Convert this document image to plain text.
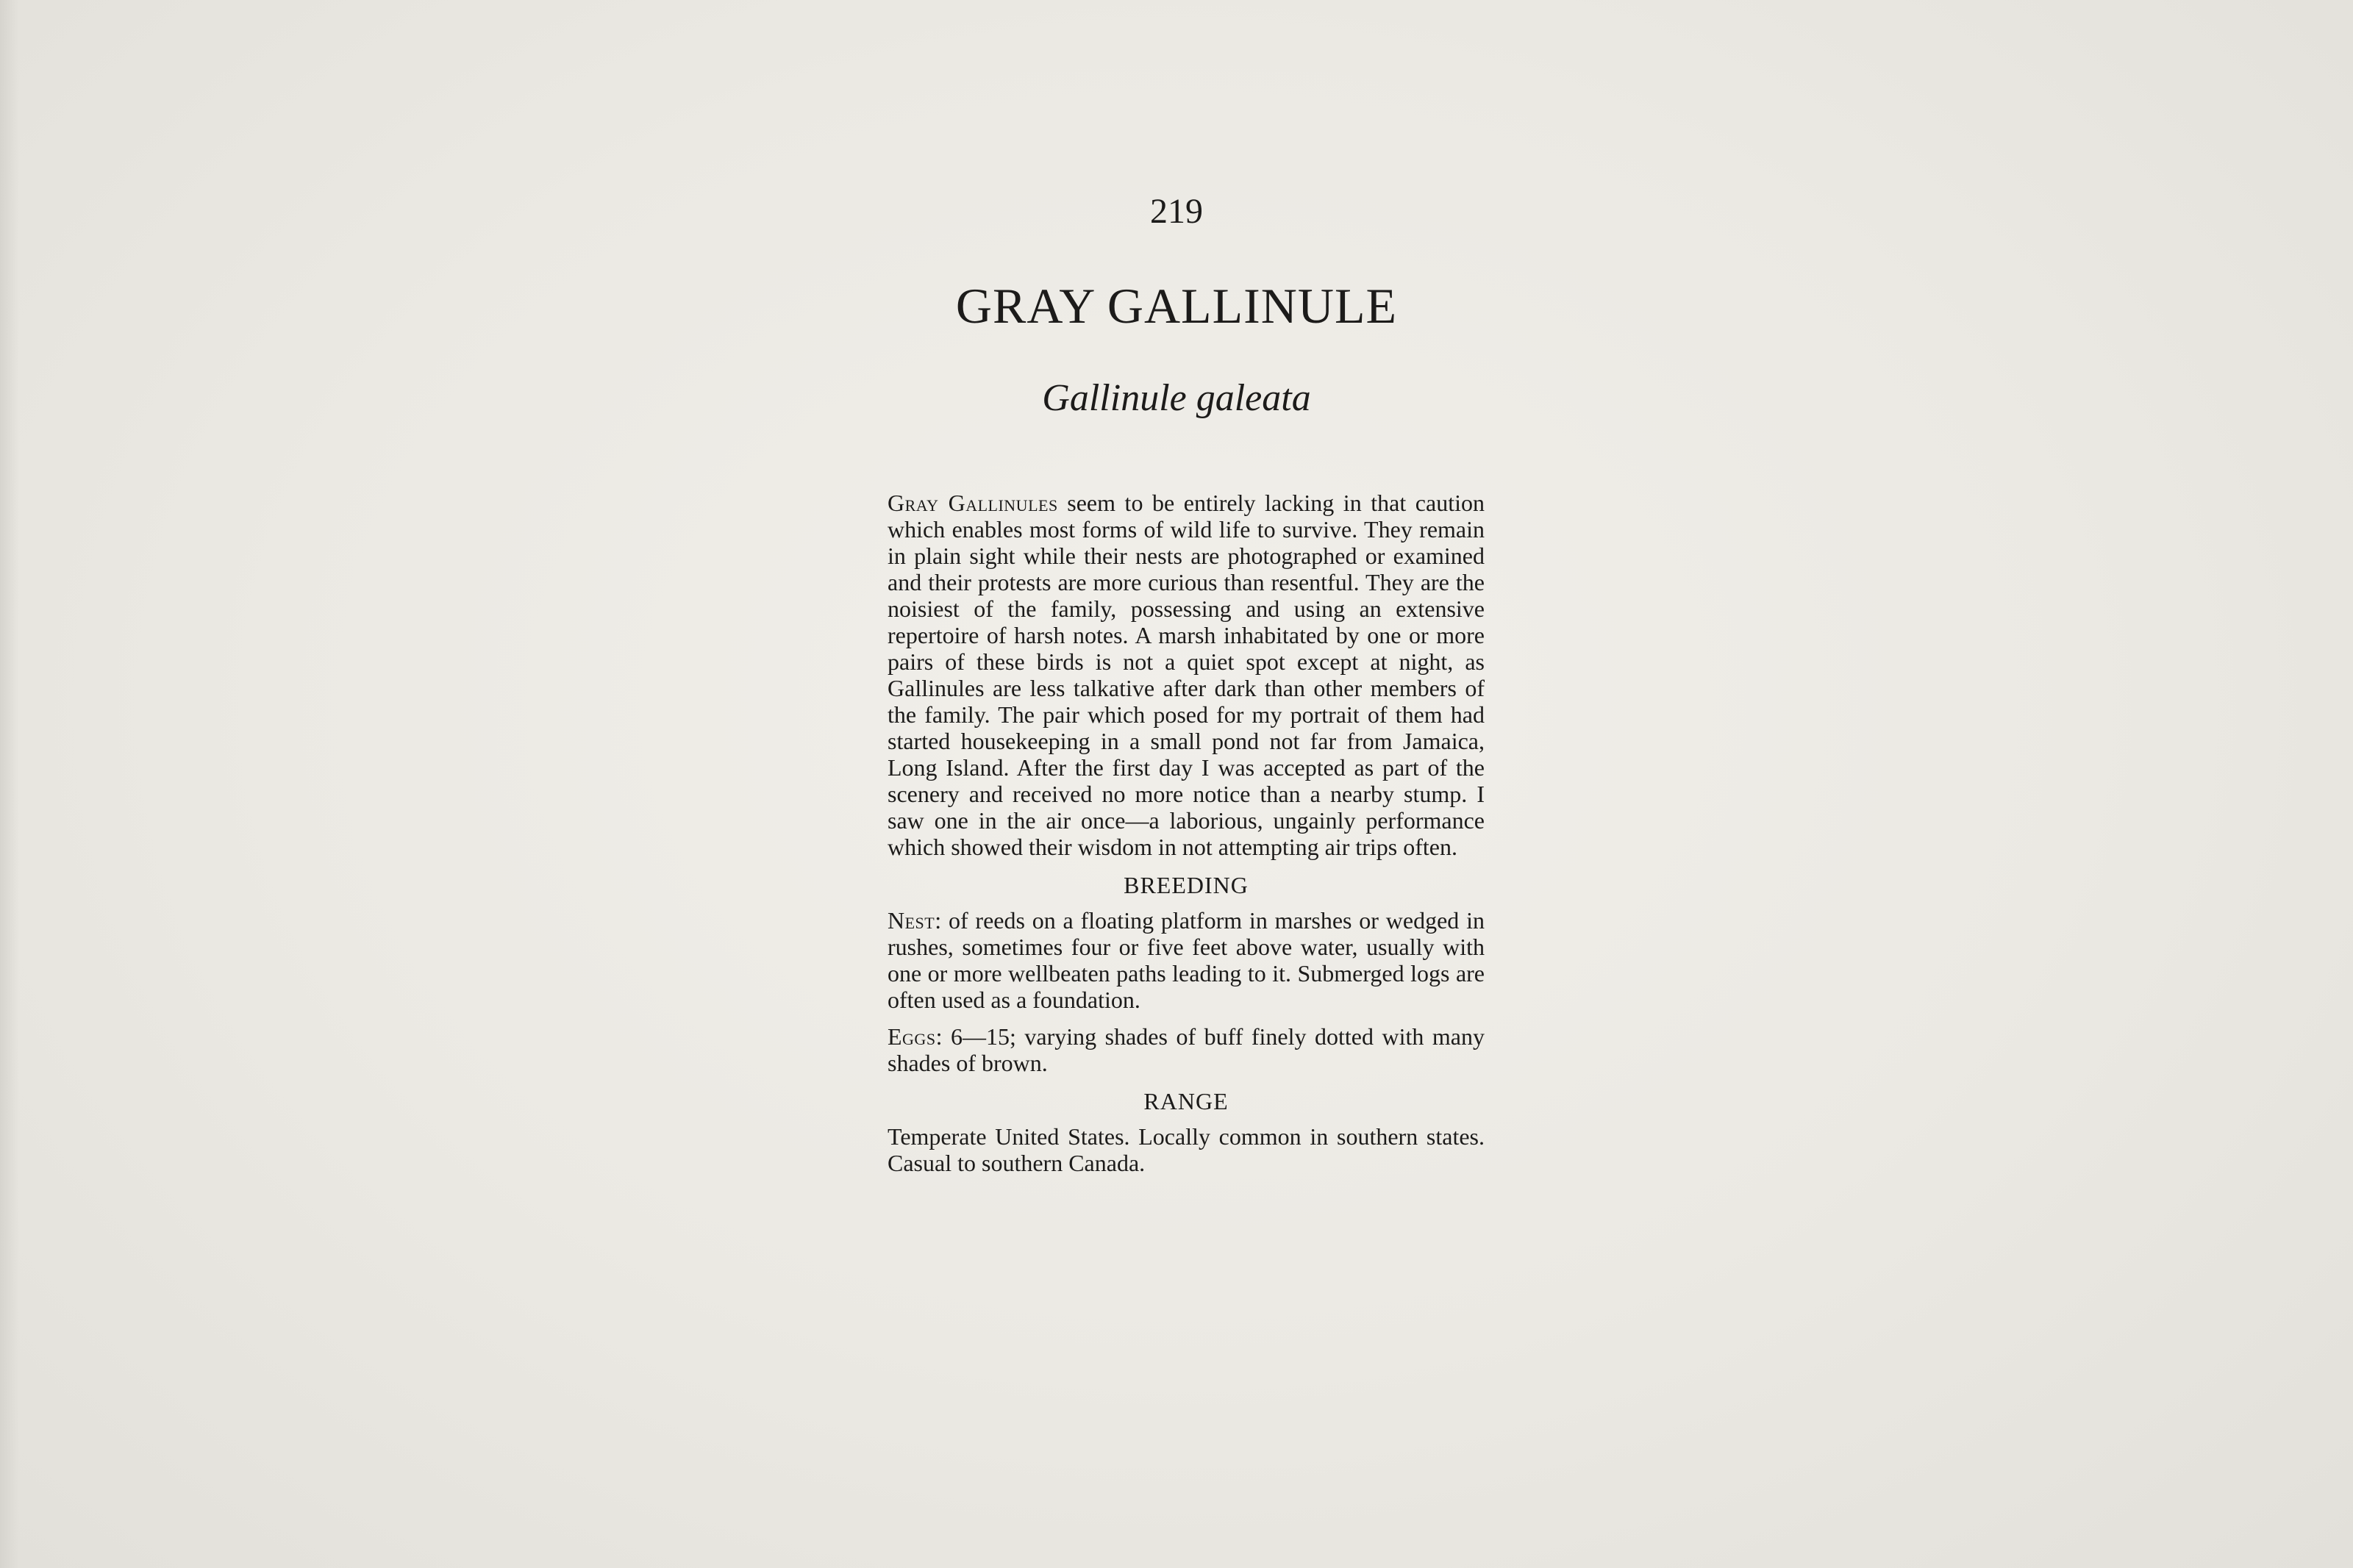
219
GRAY GALLINULE
Gallinule galeata

Gray Gallinules seem to be entirely lacking in that caution which enables most forms of wild life to survive. They remain in plain sight while their nests are photographed or examined and their protests are more curious than resentful. They are the noisiest of the family, possessing and using an extensive repertoire of harsh notes. A marsh inhabitated by one or more pairs of these birds is not a quiet spot except at night, as Gallinules are less talkative after dark than other members of the family. The pair which posed for my portrait of them had started housekeeping in a small pond not far from Jamaica, Long Island. After the first day I was accepted as part of the scenery and received no more notice than a nearby stump. I saw one in the air once—a laborious, ungainly performance which showed their wisdom in not attempting air trips often.

BREEDING

Nest: of reeds on a floating platform in marshes or wedged in rushes, sometimes four or five feet above water, usually with one or more wellbeaten paths leading to it. Submerged logs are often used as a foundation.

Eggs: 6—15; varying shades of buff finely dotted with many shades of brown.

RANGE

Temperate United States. Locally common in southern states. Casual to southern Canada.
